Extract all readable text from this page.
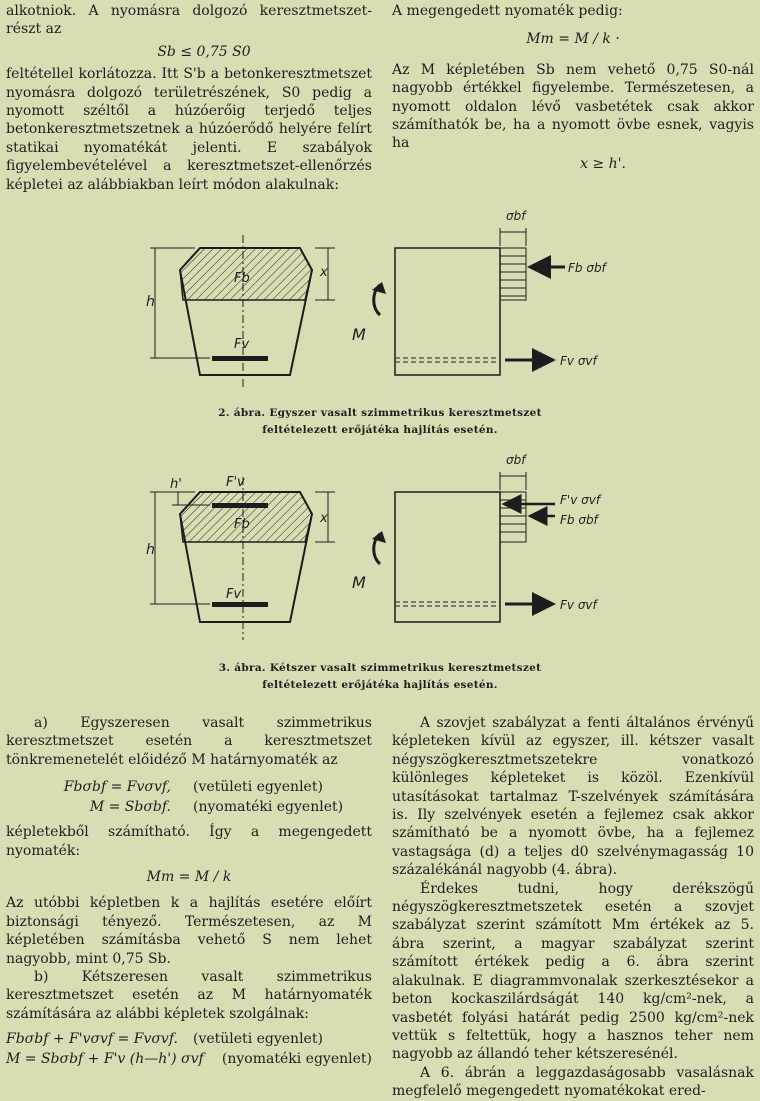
alkotniok. A nyomásra dolgozó keresztmetszet-részt az

Sb ≤ 0,75 S0

feltétellel korlátozza. Itt S'b a betonkeresztmetszet nyomásra dolgozó területrészének, S0 pedig a nyomott széltől a húzóerőig terjedő teljes betonkeresztmetszetnek a húzóerődő helyére felírt statikai nyomatékát jelenti. E szabályok figyelembevételével a keresztmetszet-ellenőrzés képletei az alábbiakban leírt módon alakulnak:

A megengedett nyomaték pedig:

Mm = M / k ·

Az M képletében Sb nem vehető 0,75 S0-nál nagyobb értékkel figyelembe. Természetesen, a nyomott oldalon lévő vasbetétek csak akkor számíthatók be, ha a nyomott övbe esnek, vagyis ha

x ≥ h'.

h
x
Fb
Fv
σbf
Fb σbf
Fv σvf
M
2. ábra. Egyszer vasalt szimmetrikus keresztmetszet
feltételezett erőjátéka hajlítás esetén.
h'
h
x
F'v
Fb
Fv
σbf
F'v σvf
Fb σbf
Fv σvf
M
3. ábra. Kétszer vasalt szimmetrikus keresztmetszet
feltételezett erőjátéka hajlítás esetén.

a) Egyszeresen vasalt szimmetrikus keresztmetszet esetén a keresztmetszet tönkremenetelét előidéző M határnyomaték az

Fbσbf = Fvσvf,	(vetületi egyenlet)
M = Sbσbf.	(nyomatéki egyenlet)

képletekből számítható. Így a megengedett nyomaték:

Mm = M / k

Az utóbbi képletben k a hajlítás esetére előírt biztonsági tényező. Természetesen, az M képletében számításba vehető S nem lehet nagyobb, mint 0,75 Sb.

b) Kétszeresen vasalt szimmetrikus keresztmetszet esetén az M határnyomaték számítására az alábbi képletek szolgálnak:

Fbσbf + F'vσvf = Fvσvf.	(vetületi egyenlet)
M = Sbσbf + F'v (h—h') σvf	(nyomatéki egyenlet)

A szovjet szabályzat a fenti általános érvényű képleteken kívül az egyszer, ill. kétszer vasalt négyszögkeresztmetszetekre vonatkozó különleges képleteket is közöl. Ezenkívül utasításokat tartalmaz T-szelvények számítására is. Ily szelvények esetén a fejlemez csak akkor számítható be a nyomott övbe, ha a fejlemez vastagsága (d) a teljes d0 szelvénymagasság 10 százalékánál nagyobb (4. ábra).

Érdekes tudni, hogy derékszögű négyszögkeresztmetszetek esetén a szovjet szabályzat szerint számított Mm értékek az 5. ábra szerint, a magyar szabályzat szerint számított értékek pedig a 6. ábra szerint alakulnak. E diagrammvonalak szerkesztésekor a beton kockaszilárdságát 140 kg/cm²-nek, a vasbetét folyási határát pedig 2500 kg/cm²-nek vettük s feltettük, hogy a hasznos teher nem nagyobb az állandó teher kétszeresénél.

A 6. ábrán a leggazdaságosabb vasalásnak megfelelő megengedett nyomatékokat ered-
